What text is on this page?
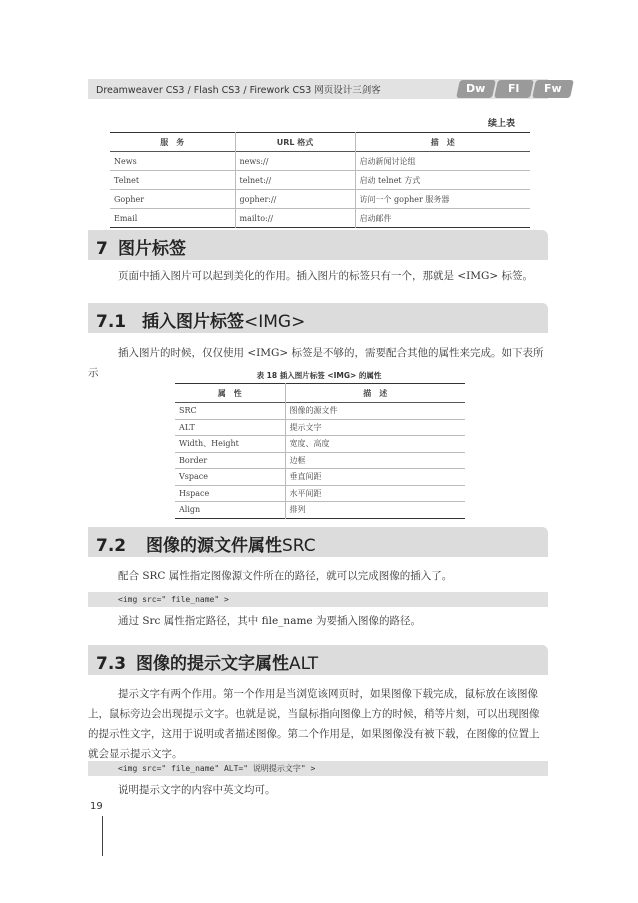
Dreamweaver CS3 / Flash CS3 / Firework CS3 网页设计三剑客	Dw	Fl	Fw
续上表
服　务	URL 格式	描　述
News	news://	启动新闻讨论组
Telnet	telnet://	启动 telnet 方式
Gopher	gopher://	访问一个 gopher 服务器
Email	mailto://	启动邮件
7 图片标签
页面中插入图片可以起到美化的作用。插入图片的标签只有一个，那就是 <IMG> 标签。
7.1 插入图片标签<IMG>
插入图片的时候，仅仅使用 <IMG> 标签是不够的，需要配合其他的属性来完成。如下表所示	表 18 插入图片标签 <IMG> 的属性
属　性	描　述
SRC	图像的源文件
ALT	提示文字
Width、Height	宽度、高度
Border	边框
Vspace	垂直间距
Hspace	水平间距
Align	排列
7.2 图像的源文件属性SRC
配合 SRC 属性指定图像源文件所在的路径，就可以完成图像的插入了。
<img src=" file_name" >
通过 Src 属性指定路径，其中 file_name 为要插入图像的路径。
7.3 图像的提示文字属性ALT
提示文字有两个作用。第一个作用是当浏览该网页时，如果图像下载完成，鼠标放在该图像上，鼠标旁边会出现提示文字。也就是说，当鼠标指向图像上方的时候，稍等片刻，可以出现图像的提示性文字，这用于说明或者描述图像。第二个作用是，如果图像没有被下载，在图像的位置上就会显示提示文字。
<img src=" file_name" ALT=" 说明提示文字" >
说明提示文字的内容中英文均可。
19
